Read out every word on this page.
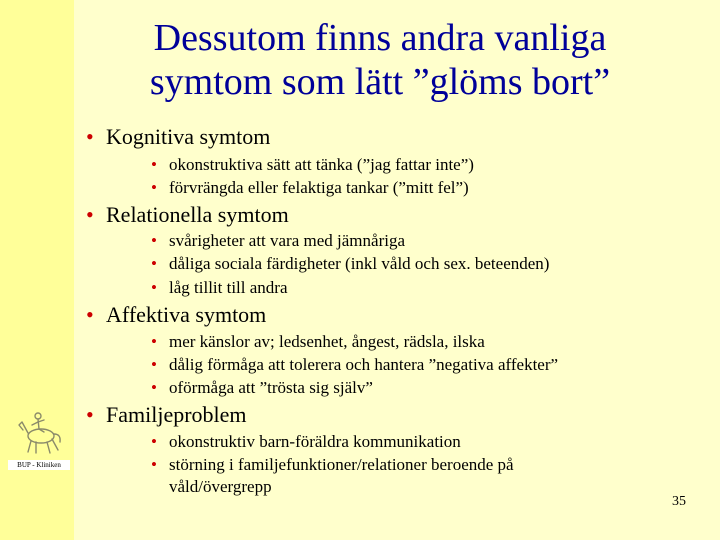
Dessutom finns andra vanliga
symtom som lätt ”glöms bort”
• Kognitiva symtom
• okonstruktiva sätt att tänka (”jag fattar inte”)
• förvrängda eller felaktiga tankar (”mitt fel”)
• Relationella symtom
• svårigheter att vara med jämnåriga
• dåliga sociala färdigheter (inkl våld och sex. beteenden)
• låg tillit till andra
• Affektiva symtom
• mer känslor av; ledsenhet, ångest, rädsla, ilska
• dålig förmåga att tolerera och hantera ”negativa affekter”
• oförmåga att ”trösta sig själv”
• Familjeproblem
• okonstruktiv barn-föräldra kommunikation
• störning i familjefunktioner/relationer beroende på
våld/övergrepp
BUP - Kliniken
35
